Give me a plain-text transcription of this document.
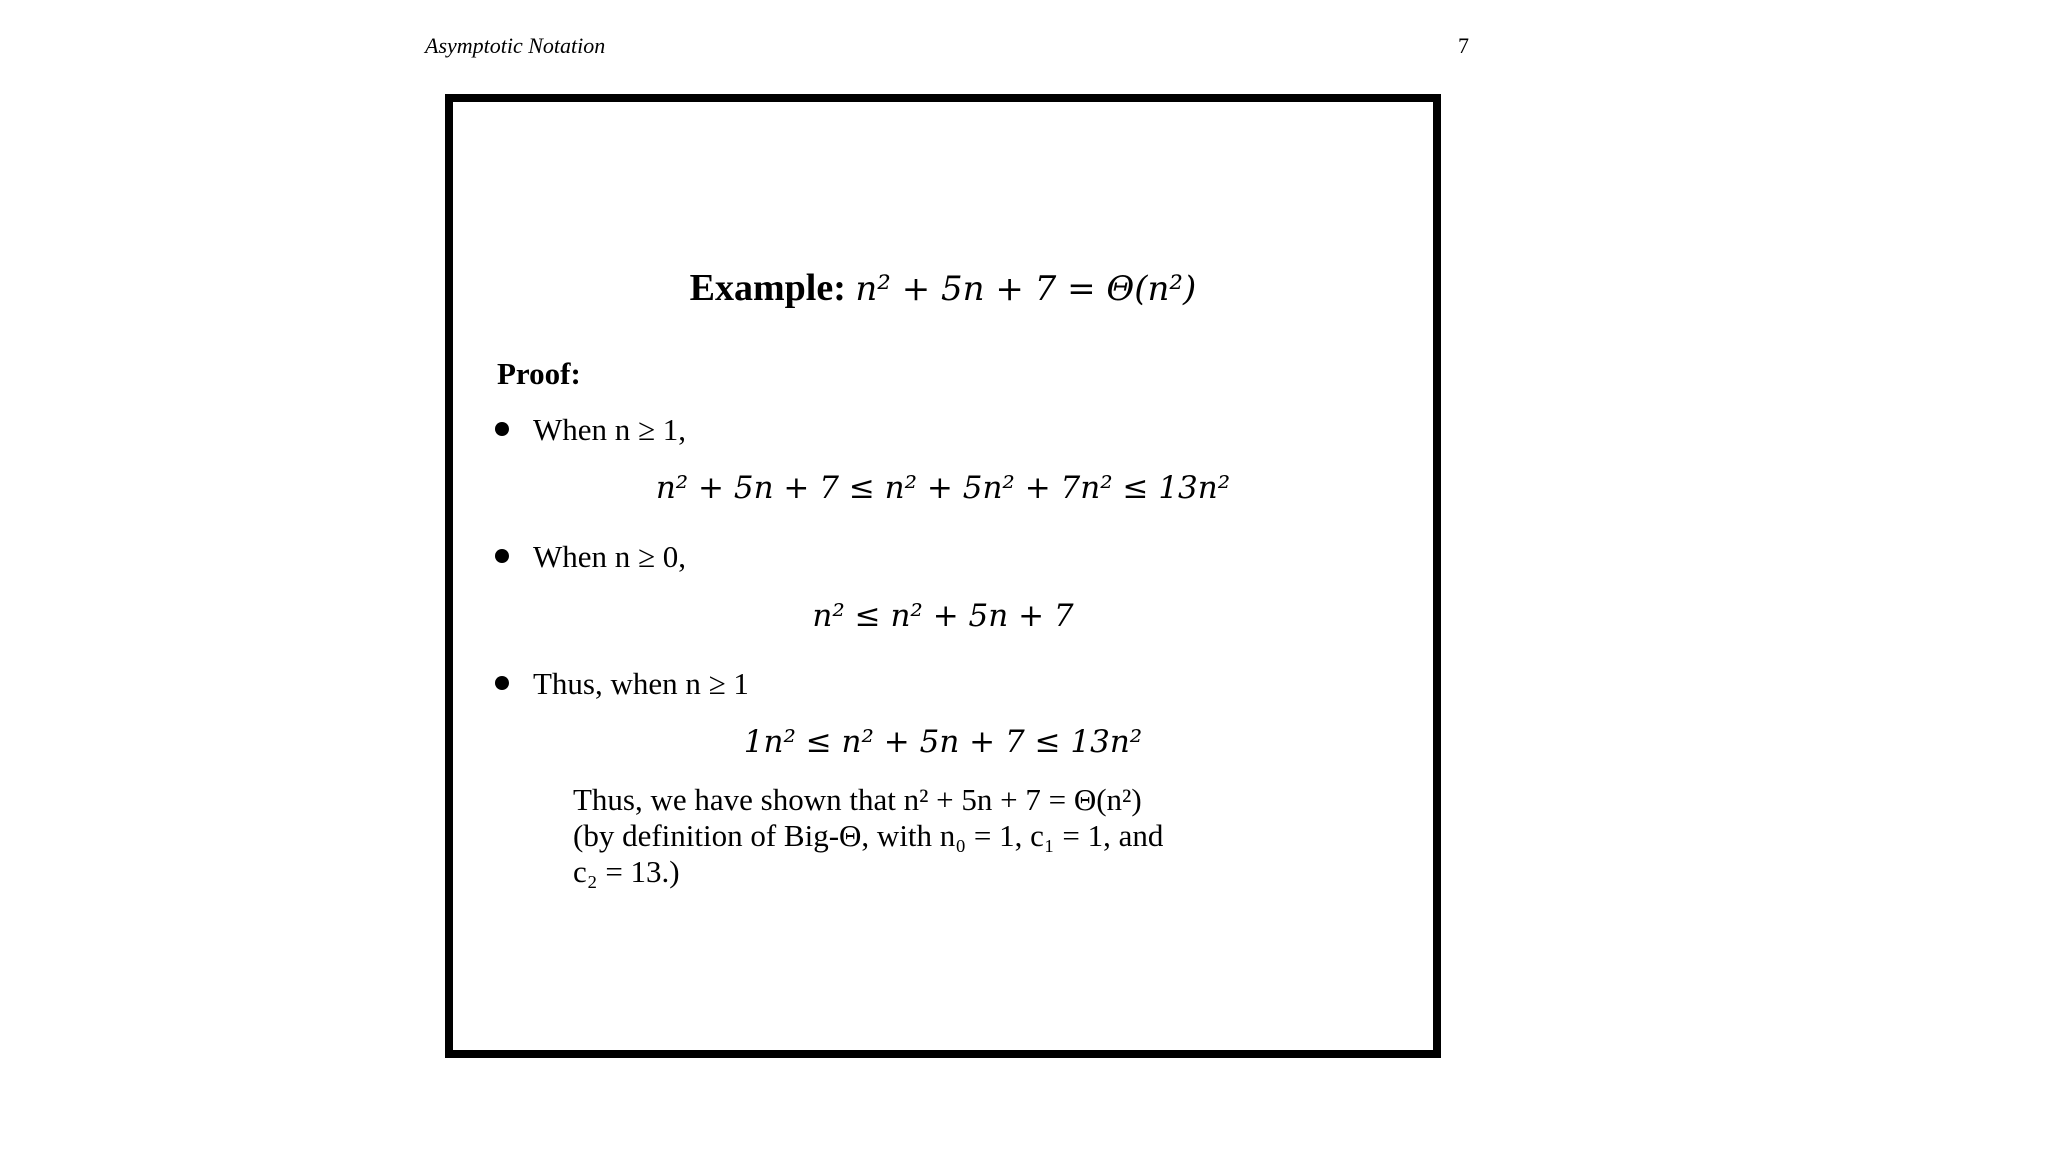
Asymptotic Notation	7
Example: n² + 5n + 7 = Θ(n²)
Proof:
When n ≥ 1,
n² + 5n + 7 ≤ n² + 5n² + 7n² ≤ 13n²
When n ≥ 0,
n² ≤ n² + 5n + 7
Thus, when n ≥ 1
1n² ≤ n² + 5n + 7 ≤ 13n²
Thus, we have shown that n² + 5n + 7 = Θ(n²)
(by definition of Big-Θ, with n₀ = 1, c₁ = 1, and
c₂ = 13.)
